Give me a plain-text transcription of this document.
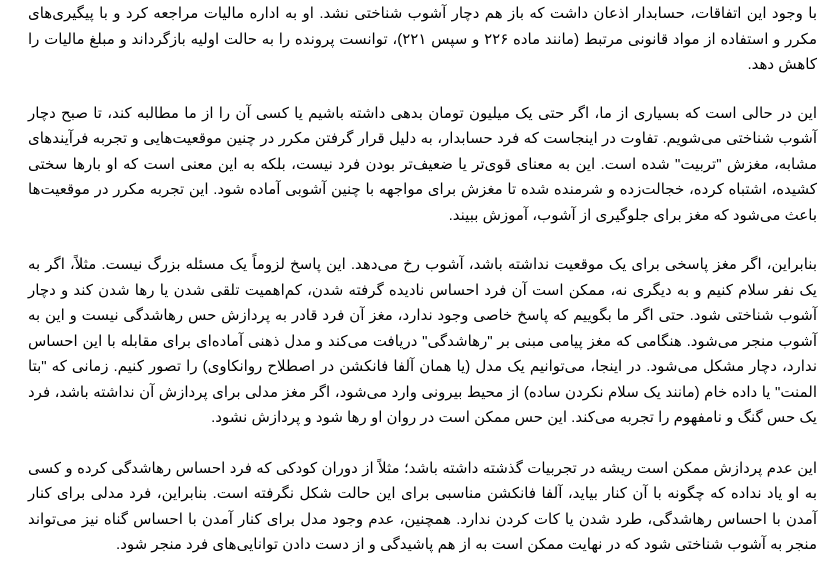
با وجود این اتفاقات، حسابدار اذعان داشت که باز هم دچار آشوب شناختی نشد. او به اداره مالیات مراجعه کرد و با پیگیری‌های مکرر و استفاده از مواد قانونی مرتبط (مانند ماده ۲۲۶ و سپس ۲۲۱)، توانست پرونده را به حالت اولیه بازگرداند و مبلغ مالیات را کاهش دهد.

این در حالی است که بسیاری از ما، اگر حتی یک میلیون تومان بدهی داشته باشیم یا کسی آن را از ما مطالبه کند، تا صبح دچار آشوب شناختی می‌شویم. تفاوت در اینجاست که فرد حسابدار، به دلیل قرار گرفتن مکرر در چنین موقعیت‌هایی و تجربه فرآیندهای مشابه، مغزش "تربیت" شده است. این به معنای قوی‌تر یا ضعیف‌تر بودن فرد نیست، بلکه به این معنی است که او بارها سختی کشیده، اشتباه کرده، خجالت‌زده و شرمنده شده تا مغزش برای مواجهه با چنین آشوبی آماده شود. این تجربه مکرر در موقعیت‌ها باعث می‌شود که مغز برای جلوگیری از آشوب، آموزش ببیند.

بنابراین، اگر مغز پاسخی برای یک موقعیت نداشته باشد، آشوب رخ می‌دهد. این پاسخ لزوماً یک مسئله بزرگ نیست. مثلاً، اگر به یک نفر سلام کنیم و به دیگری نه، ممکن است آن فرد احساس نادیده گرفته شدن، کم‌اهمیت تلقی شدن یا رها شدن کند و دچار آشوب شناختی شود. حتی اگر ما بگوییم که پاسخ خاصی وجود ندارد، مغز آن فرد قادر به پردازش حس رهاشدگی نیست و این به آشوب منجر می‌شود. هنگامی که مغز پیامی مبنی بر "رهاشدگی" دریافت می‌کند و مدل ذهنی آماده‌ای برای مقابله با این احساس ندارد، دچار مشکل می‌شود. در اینجا، می‌توانیم یک مدل (یا همان آلفا فانکشن در اصطلاح روانکاوی) را تصور کنیم. زمانی که "بتا المنت" یا داده خام (مانند یک سلام نکردن ساده) از محیط بیرونی وارد می‌شود، اگر مغز مدلی برای پردازش آن نداشته باشد، فرد یک حس گنگ و نامفهوم را تجربه می‌کند. این حس ممکن است در روان او رها شود و پردازش نشود.

این عدم پردازش ممکن است ریشه در تجربیات گذشته داشته باشد؛ مثلاً از دوران کودکی که فرد احساس رهاشدگی کرده و کسی به او یاد نداده که چگونه با آن کنار بیاید، آلفا فانکشن مناسبی برای این حالت شکل نگرفته است. بنابراین، فرد مدلی برای کنار آمدن با احساس رهاشدگی، طرد شدن یا کات کردن ندارد. همچنین، عدم وجود مدل برای کنار آمدن با احساس گناه نیز می‌تواند منجر به آشوب شناختی شود که در نهایت ممکن است به از هم پاشیدگی و از دست دادن توانایی‌های فرد منجر شود.
